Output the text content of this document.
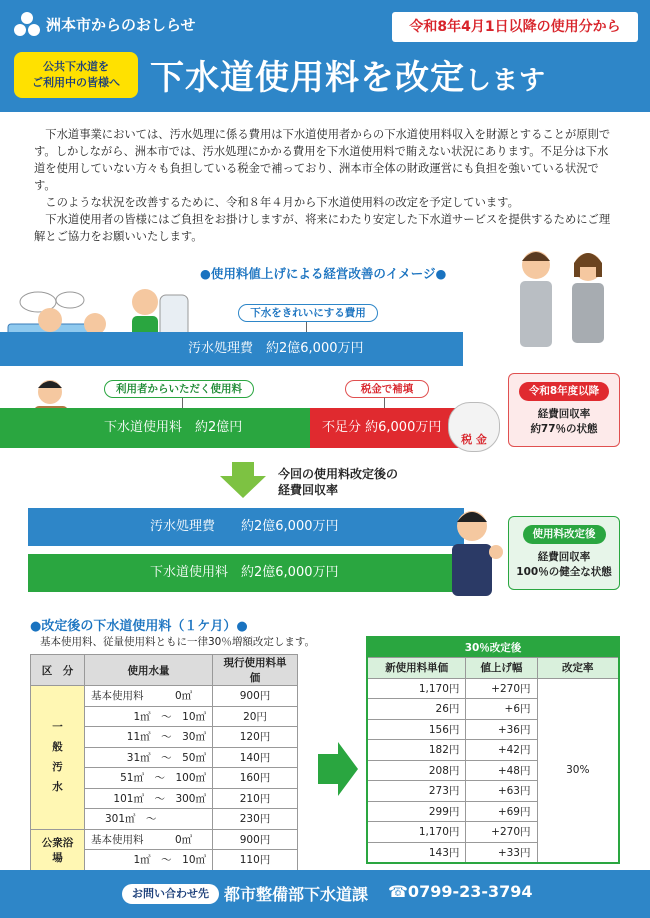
洲本市からのおしらせ	令和8年4月1日以降の使用分から
公共下水道を
ご利用中の皆様へ 下水道使用料を改定します

下水道事業においては、汚水処理に係る費用は下水道使用者からの下水道使用料収入を財源とすることが原則です。しかしながら、洲本市では、汚水処理にかかる費用を下水道使用料で賄えない状況にあります。不足分は下水道を使用していない方々も負担している税金で補っており、洲本市全体の財政運営にも負担を強いている状況です。

このような状況を改善するために、令和８年４月から下水道使用料の改定を予定しています。

下水道使用者の皆様にはご負担をお掛けしますが、将来にわたり安定した下水道サービスを提供するためにご理解とご協力をお願いいたします。

●使用料値上げによる経営改善のイメージ●
下水をきれいにする費用
汚水処理費　約2億6,000万円
利用者からいただく使用料	税金で補填
下水道使用料　約2億円	不足分 約6,000万円
税 金
令和8年度以降
経費回収率
約77％の状態
今回の使用料改定後の
経費回収率
汚水処理費　　約2億6,000万円
下水道使用料　約2億6,000万円
使用料改定後
経費回収率
100％の健全な状態
●改定後の下水道使用料（１ケ月）●
基本使用料、従量使用料ともに一律30％増額改定します。
区　分	使用水量	現行使用料単価
一
般
汚
水	基本使用料　　　0㎥	900円
	1㎥　～　10㎥	20円
	11㎥　～　30㎥	120円
	31㎥　～　50㎥	140円
	51㎥　～　100㎥	160円
	101㎥　～　300㎥	210円
	301㎥　～	230円
公衆浴場	基本使用料　　　0㎥	900円
	1㎥　～　10㎥	110円
30％改定後		
新使用料単価	値上げ幅	改定率
1,170円	+270円	30%
26円	+6円	
156円	+36円	
182円	+42円	
208円	+48円	
273円	+63円	
299円	+69円	
1,170円	+270円	
143円	+33円	
お問い合わせ先 都市整備部下水道課 ☎0799-23-3794
